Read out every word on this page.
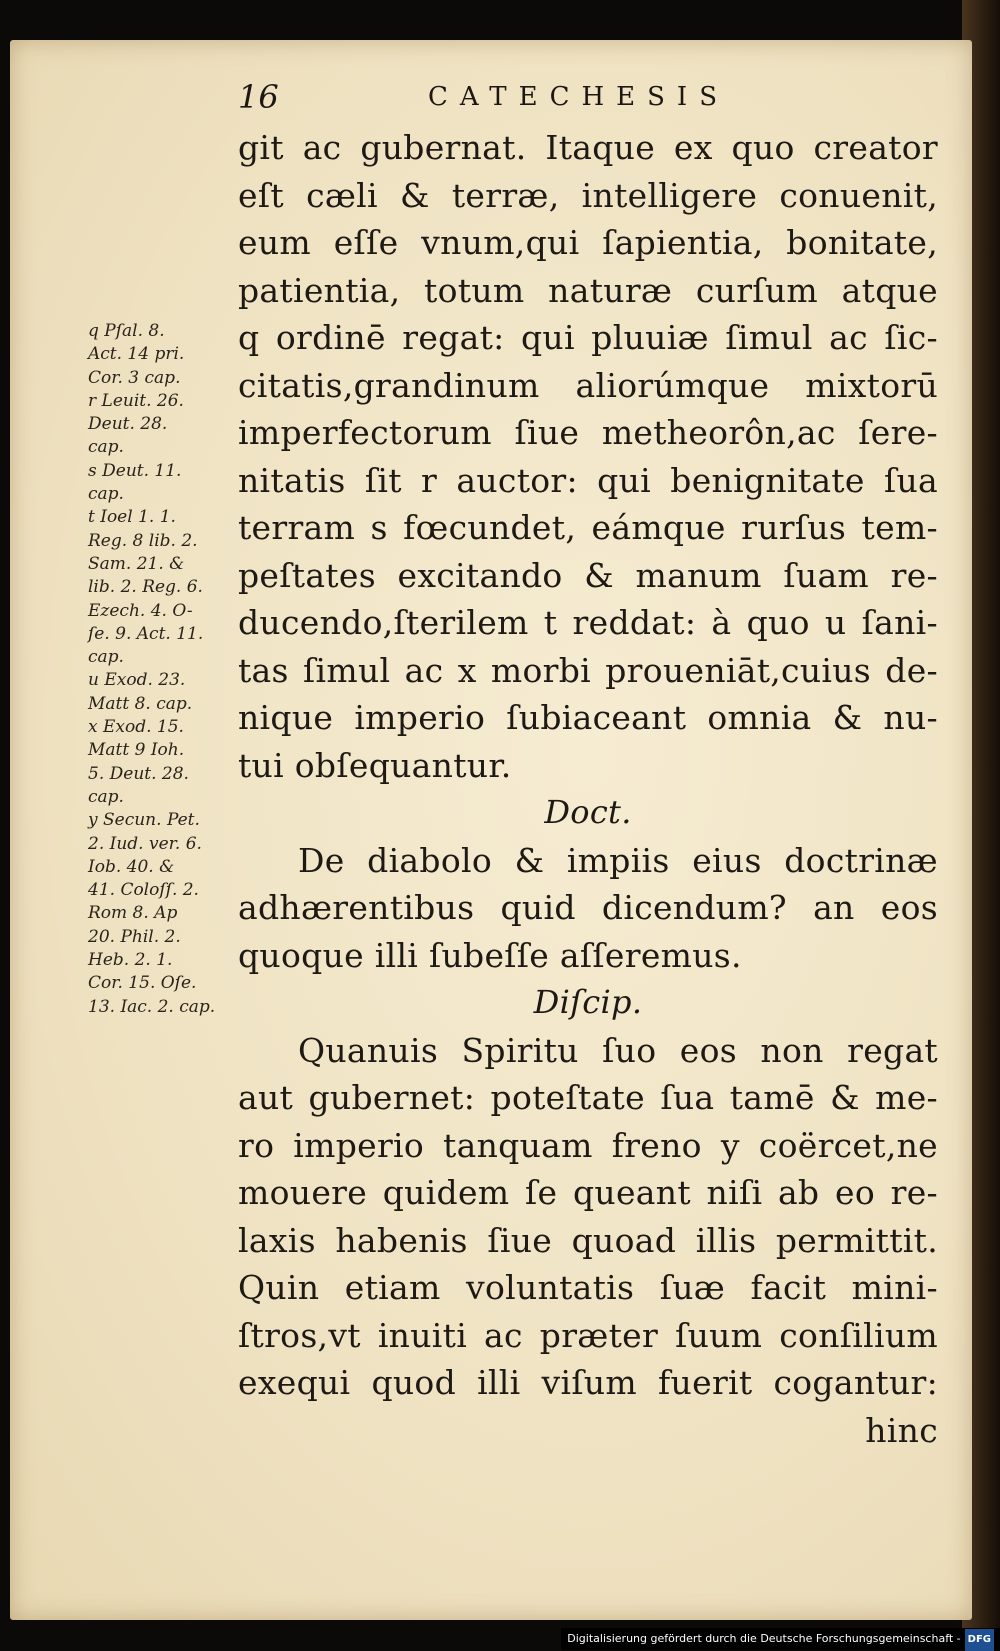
16	CATECHESIS
git ac gubernat. Itaque ex quo creator
eſt cæli & terræ, intelligere conuenit,
eum eſſe vnum,qui ſapientia, bonitate,
patientia, totum naturæ curſum atque
q ordinē regat: qui pluuiæ ſimul ac ſic-
citatis,grandinum aliorúmque mixtorū
imperfectorum ſiue metheorôn,ac ſere-
nitatis ſit r auctor: qui benignitate ſua
terram s fœcundet, eámque rurſus tem-
peſtates excitando & manum ſuam re-
ducendo,ſterilem t reddat: à quo u ſani-
tas ſimul ac x morbi proueniāt,cuius de-
nique imperio ſubiaceant omnia & nu-
tui obſequantur.
Doct.
De diabolo & impiis eius doctrinæ
adhærentibus quid dicendum? an eos
quoque illi ſubeſſe aſſeremus.
Diſcip.
Quanuis Spiritu ſuo eos non regat
aut gubernet: poteſtate ſua tamē & me-
ro imperio tanquam freno y coërcet,ne
mouere quidem ſe queant niſi ab eo re-
laxis habenis ſiue quoad illis permittit.
Quin etiam voluntatis ſuæ facit mini-
ſtros,vt inuiti ac præter ſuum conſilium
exequi quod illi viſum fuerit cogantur:
hinc
q Pſal. 8.
Act. 14 pri.
Cor. 3 cap.
r Leuit. 26.
Deut. 28.
cap.
s Deut. 11.
cap.
t Ioel 1. 1.
Reg. 8 lib. 2.
Sam. 21. &
lib. 2. Reg. 6.
Ezech. 4. O-
ſe. 9. Act. 11.
cap.
u Exod. 23.
Matt 8. cap.
x Exod. 15.
Matt 9 Ioh.
5. Deut. 28.
cap.
y Secun. Pet.
2. Iud. ver. 6.
Iob. 40. &
41. Coloſſ. 2.
Rom 8. Ap
20. Phil. 2.
Heb. 2. 1.
Cor. 15. Oſe.
13. Iac. 2. cap.
Digitalisierung gefördert durch die Deutsche Forschungsgemeinschaft - DFG
